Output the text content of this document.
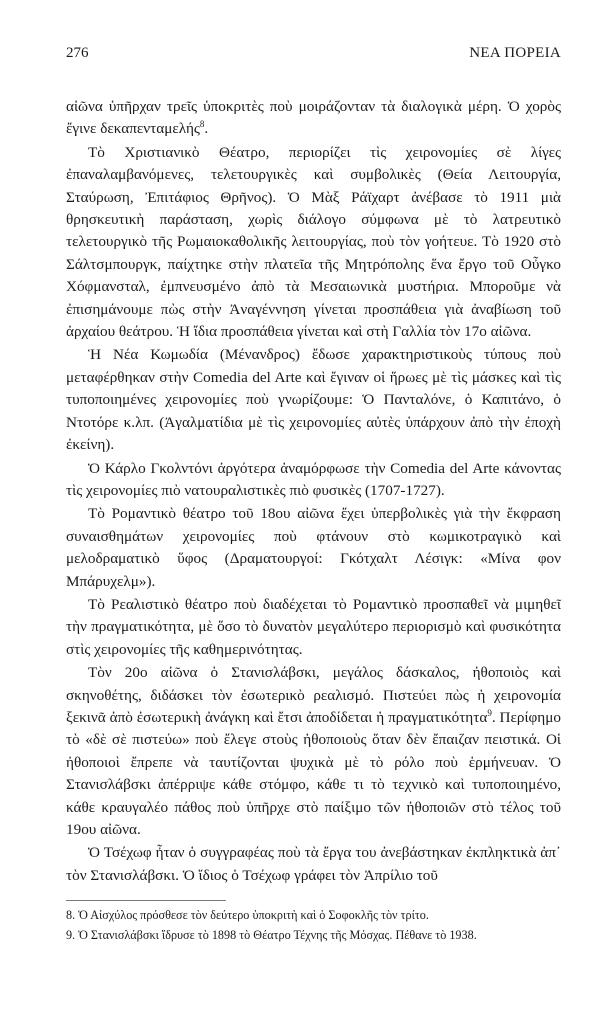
276	ΝΕΑ ΠΟΡΕΙΑ

αἰῶνα ὑπῆρχαν τρεῖς ὑποκριτὲς ποὺ μοιράζονταν τὰ διαλογικὰ μέρη. Ὁ χορὸς ἔγινε δεκαπενταμελής$^8$.

Τὸ Χριστιανικὸ Θέατρο, περιορίζει τὶς χειρονομίες σὲ λίγες ἐπαναλαμβανόμενες, τελετουργικὲς καὶ συμβολικὲς (Θεία Λειτουργία, Σταύρωση, Ἐπιτάφιος Θρῆνος). Ὁ Μὰξ Ράϊχαρτ ἀνέβασε τὸ 1911 μιὰ θρησκευτικὴ παράσταση, χωρὶς διάλογο σύμφωνα μὲ τὸ λατρευτικὸ τελετουργικὸ τῆς Ρωμαιοκαθολικῆς λειτουργίας, ποὺ τὸν γοήτευε. Τὸ 1920 στὸ Σάλτσμπουργκ, παίχτηκε στὴν πλατεῖα τῆς Μητρόπολης ἕνα ἔργο τοῦ Οὖγκο Χόφμανσταλ, ἐμπνευσμένο ἀπὸ τὰ Μεσαιωνικὰ μυστήρια. Μποροῦμε νὰ ἐπισημάνουμε πὼς στὴν Ἀναγέννηση γίνεται προσπάθεια γιὰ ἀναβίωση τοῦ ἀρχαίου θεάτρου. Ἡ ἴδια προσπάθεια γίνεται καὶ στὴ Γαλλία τὸν 17ο αἰῶνα.

Ἡ Νέα Κωμωδία (Μένανδρος) ἔδωσε χαρακτηριστικοὺς τύπους ποὺ μεταφέρθηκαν στὴν Comedia del Arte καὶ ἔγιναν οἱ ἥρωες μὲ τὶς μάσκες καὶ τὶς τυποποιημένες χειρονομίες ποὺ γνωρίζουμε: Ὁ Πανταλόνε, ὁ Καπιτάνο, ὁ Ντοτόρε κ.λπ. (Ἀγαλματίδια μὲ τὶς χειρονομίες αὐτὲς ὑπάρχουν ἀπὸ τὴν ἐποχὴ ἐκείνη).

Ὁ Κάρλο Γκολντόνι ἀργότερα ἀναμόρφωσε τὴν Comedia del Arte κάνοντας τὶς χειρονομίες πιὸ νατουραλιστικὲς πιὸ φυσικὲς (1707-1727).

Τὸ Ρομαντικὸ θέατρο τοῦ 18ου αἰῶνα ἔχει ὑπερβολικὲς γιὰ τὴν ἔκφραση συναισθημάτων χειρονομίες ποὺ φτάνουν στὸ κωμικοτραγικὸ καὶ μελοδραματικὸ ὕφος (Δραματουργοί: Γκότχαλτ Λέσιγκ: «Μίνα φον Μπάρυχελμ»).

Τὸ Ρεαλιστικὸ θέατρο ποὺ διαδέχεται τὸ Ρομαντικὸ προσπαθεῖ νὰ μιμηθεῖ τὴν πραγματικότητα, μὲ ὅσο τὸ δυνατὸν μεγαλύτερο περιορισμὸ καὶ φυσικότητα στὶς χειρονομίες τῆς καθημερινότητας.

Τὸν 20ο αἰῶνα ὁ Στανισλάβσκι, μεγάλος δάσκαλος, ἠθοποιὸς καὶ σκηνοθέτης, διδάσκει τὸν ἐσωτερικὸ ρεαλισμό. Πιστεύει πὼς ἡ χειρονομία ξεκινᾶ ἀπὸ ἐσωτερικὴ ἀνάγκη καὶ ἔτσι ἀποδίδεται ἡ πραγματικότητα$^9$. Περίφημο τὸ «δὲ σὲ πιστεύω» ποὺ ἔλεγε στοὺς ἠθοποιοὺς ὅταν δὲν ἔπαιζαν πειστικά. Οἱ ἠθοποιοὶ ἔπρεπε νὰ ταυτίζονται ψυχικὰ μὲ τὸ ρόλο ποὺ ἑρμήνευαν. Ὁ Στανισλάβσκι ἀπέρριψε κάθε στόμφο, κάθε τι τὸ τεχνικὸ καὶ τυποποιημένο, κάθε κραυγαλέο πάθος ποὺ ὑπῆρχε στὸ παίξιμο τῶν ἠθοποιῶν στὸ τέλος τοῦ 19ου αἰῶνα.

Ὁ Τσέχωφ ἦταν ὁ συγγραφέας ποὺ τὰ ἔργα του ἀνεβάστηκαν ἐκπληκτικὰ ἀπ᾽ τὸν Στανισλάβσκι. Ὁ ἴδιος ὁ Τσέχωφ γράφει τὸν Ἀπρίλιο τοῦ

8. Ὁ Αἰσχύλος πρόσθεσε τὸν δεύτερο ὑποκριτὴ καὶ ὁ Σοφοκλῆς τὸν τρίτο.
9. Ὁ Στανισλάβσκι ἵδρυσε τὸ 1898 τὸ Θέατρο Τέχνης τῆς Μόσχας. Πέθανε τὸ 1938.
